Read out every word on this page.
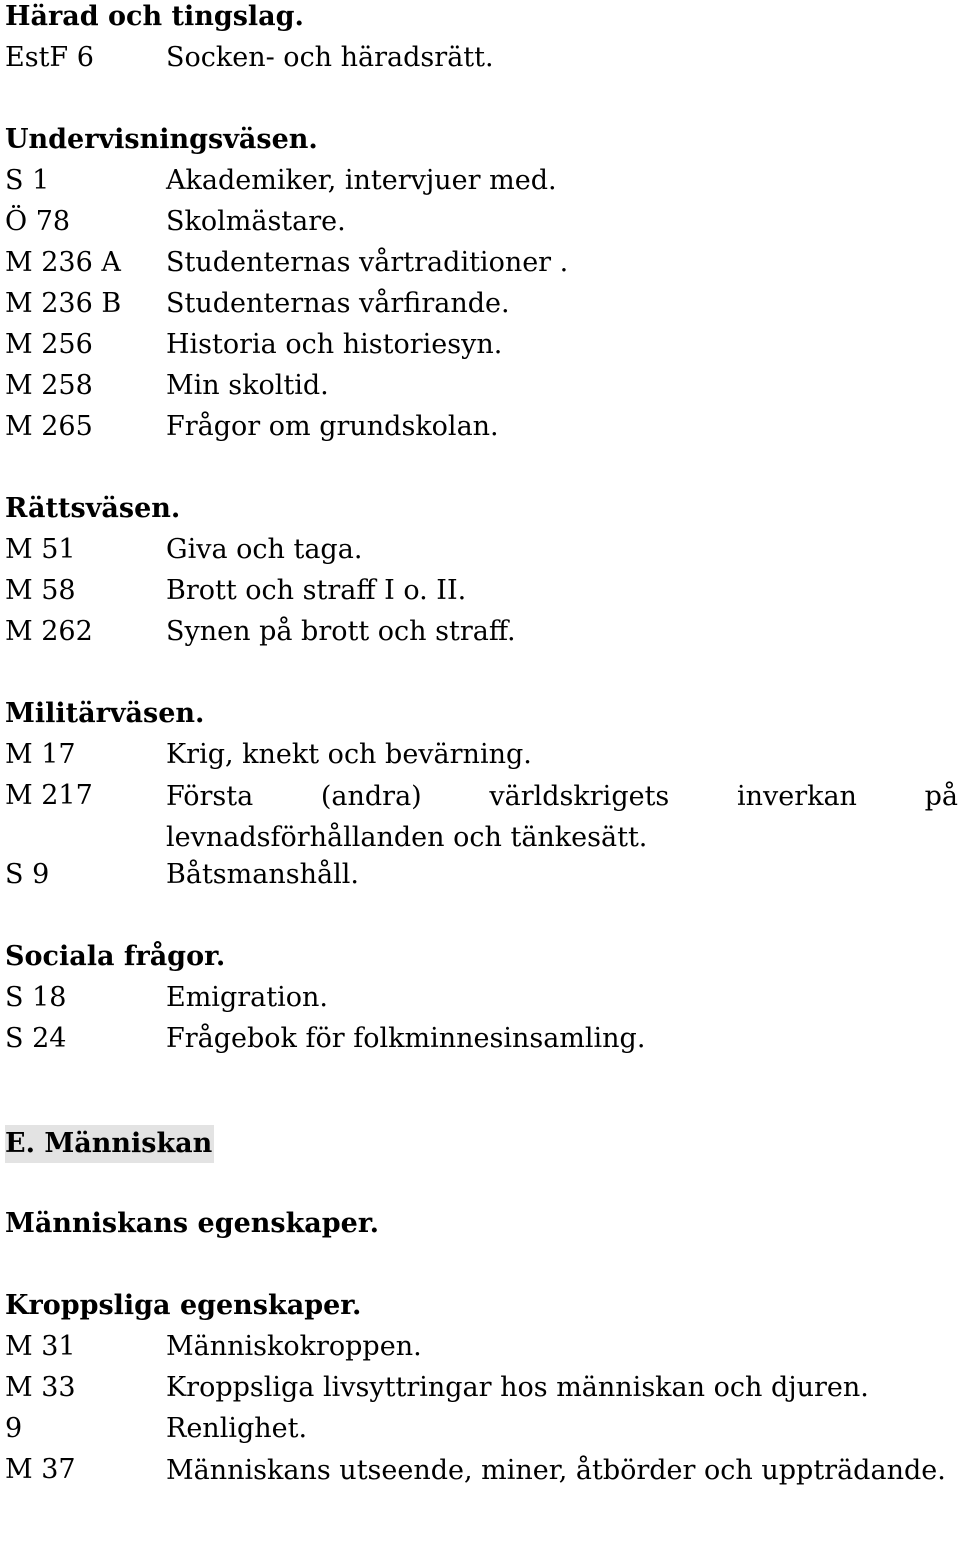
Härad och tingslag.
EstF 6	Socken- och häradsrätt.
Undervisningsväsen.
S 1	Akademiker, intervjuer med.
Ö 78	Skolmästare.
M 236 A	Studenternas vårtraditioner .
M 236 B	Studenternas vårfirande.
M 256	Historia och historiesyn.
M 258	Min skoltid.
M 265	Frågor om grundskolan.
Rättsväsen.
M 51	Giva och taga.
M 58	Brott och straff I o. II.
M 262	Synen på brott och straff.
Militärväsen.
M 17	Krig, knekt och bevärning.
M 217	Första (andra) världskrigets inverkan på levnadsförhållanden och tänkesätt.
S 9	Båtsmanshåll.
Sociala frågor.
S 18	Emigration.
S 24	Frågebok för folkminnesinsamling.
E. Människan
Människans egenskaper.
Kroppsliga egenskaper.
M 31	Människokroppen.
M 33	Kroppsliga livsyttringar hos människan och djuren.
9	Renlighet.
M 37	Människans utseende, miner, åtbörder och uppträdande.
